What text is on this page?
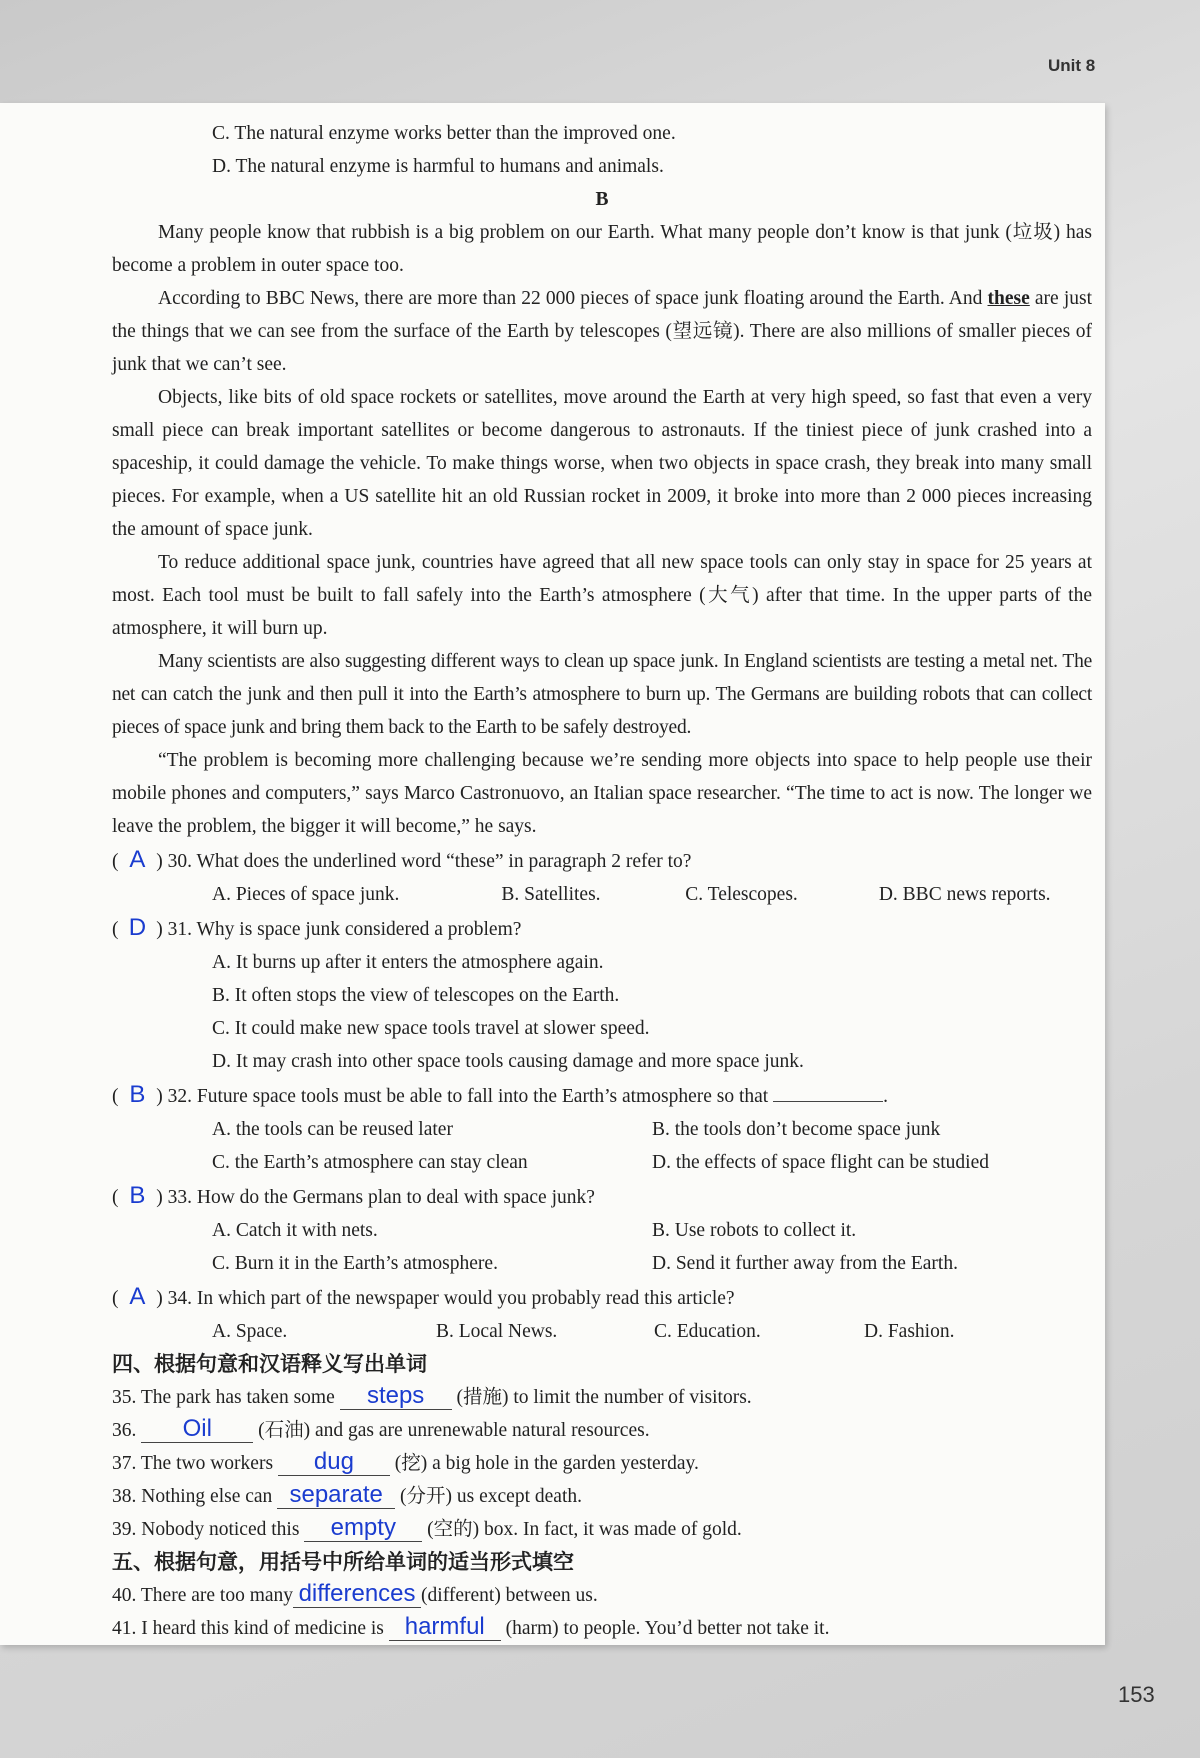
Unit 8
C. The natural enzyme works better than the improved one.
D. The natural enzyme is harmful to humans and animals.
B

Many people know that rubbish is a big problem on our Earth. What many people don’t know is that junk (垃圾) has become a problem in outer space too.

According to BBC News, there are more than 22 000 pieces of space junk floating around the Earth. And these are just the things that we can see from the surface of the Earth by telescopes (望远镜). There are also millions of smaller pieces of junk that we can’t see.

Objects, like bits of old space rockets or satellites, move around the Earth at very high speed, so fast that even a very small piece can break important satellites or become dangerous to astronauts. If the tiniest piece of junk crashed into a spaceship, it could damage the vehicle. To make things worse, when two objects in space crash, they break into many small pieces. For example, when a US satellite hit an old Russian rocket in 2009, it broke into more than 2 000 pieces increasing the amount of space junk.

To reduce additional space junk, countries have agreed that all new space tools can only stay in space for 25 years at most. Each tool must be built to fall safely into the Earth’s atmosphere (大气) after that time. In the upper parts of the atmosphere, it will burn up.

Many scientists are also suggesting different ways to clean up space junk. In England scientists are testing a metal net. The net can catch the junk and then pull it into the Earth’s atmosphere to burn up. The Germans are building robots that can collect pieces of space junk and bring them back to the Earth to be safely destroyed.

“The problem is becoming more challenging because we’re sending more objects into space to help people use their mobile phones and computers,” says Marco Castronuovo, an Italian space researcher. “The time to act is now. The longer we leave the problem, the bigger it will become,” he says.

( A ) 30. What does the underlined word “these” in paragraph 2 refer to?
A. Pieces of space junk.	B. Satellites.	C. Telescopes.	D. BBC news reports.
( D ) 31. Why is space junk considered a problem?
A. It burns up after it enters the atmosphere again.
B. It often stops the view of telescopes on the Earth.
C. It could make new space tools travel at slower speed.
D. It may crash into other space tools causing damage and more space junk.
( B ) 32. Future space tools must be able to fall into the Earth’s atmosphere so that	.
A. the tools can be reused later	B. the tools don’t become space junk
C. the Earth’s atmosphere can stay clean	D. the effects of space flight can be studied
( B ) 33. How do the Germans plan to deal with space junk?
A. Catch it with nets.	B. Use robots to collect it.
C. Burn it in the Earth’s atmosphere.	D. Send it further away from the Earth.
( A ) 34. In which part of the newspaper would you probably read this article?
A. Space.	B. Local News.	C. Education.	D. Fashion.
四、根据句意和汉语释义写出单词
35. The park has taken some steps (措施) to limit the number of visitors.
36. Oil (石油) and gas are unrenewable natural resources.
37. The two workers dug (挖) a big hole in the garden yesterday.
38. Nothing else can separate (分开) us except death.
39. Nobody noticed this empty (空的) box. In fact, it was made of gold.
五、根据句意，用括号中所给单词的适当形式填空
40. There are too many differences (different) between us.
41. I heard this kind of medicine is harmful (harm) to people. You’d better not take it.
153
